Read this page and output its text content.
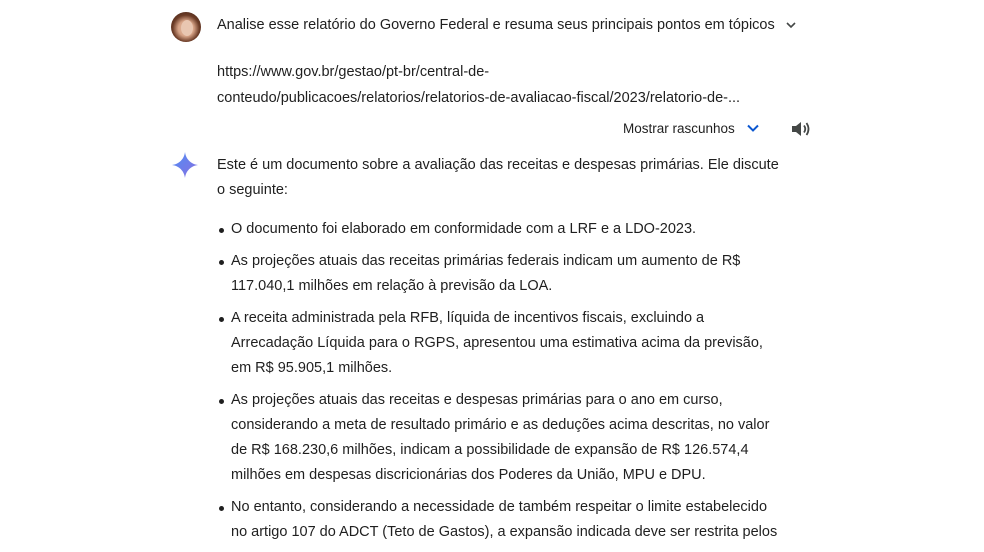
Analise esse relatório do Governo Federal e resuma seus principais pontos em tópicos
https://www.gov.br/gestao/pt-br/central-de-
conteudo/publicacoes/relatorios/relatorios-de-avaliacao-fiscal/2023/relatorio-de-...
Mostrar rascunhos

Este é um documento sobre a avaliação das receitas e despesas primárias. Ele discute o seguinte:

O documento foi elaborado em conformidade com a LRF e a LDO-2023.
As projeções atuais das receitas primárias federais indicam um aumento de R$ 117.040,1 milhões em relação à previsão da LOA.
A receita administrada pela RFB, líquida de incentivos fiscais, excluindo a Arrecadação Líquida para o RGPS, apresentou uma estimativa acima da previsão, em R$ 95.905,1 milhões.
As projeções atuais das receitas e despesas primárias para o ano em curso, considerando a meta de resultado primário e as deduções acima descritas, no valor de R$ 168.230,6 milhões, indicam a possibilidade de expansão de R$ 126.574,4 milhões em despesas discricionárias dos Poderes da União, MPU e DPU.
No entanto, considerando a necessidade de também respeitar o limite estabelecido no artigo 107 do ADCT (Teto de Gastos), a expansão indicada deve ser restrita pelos
